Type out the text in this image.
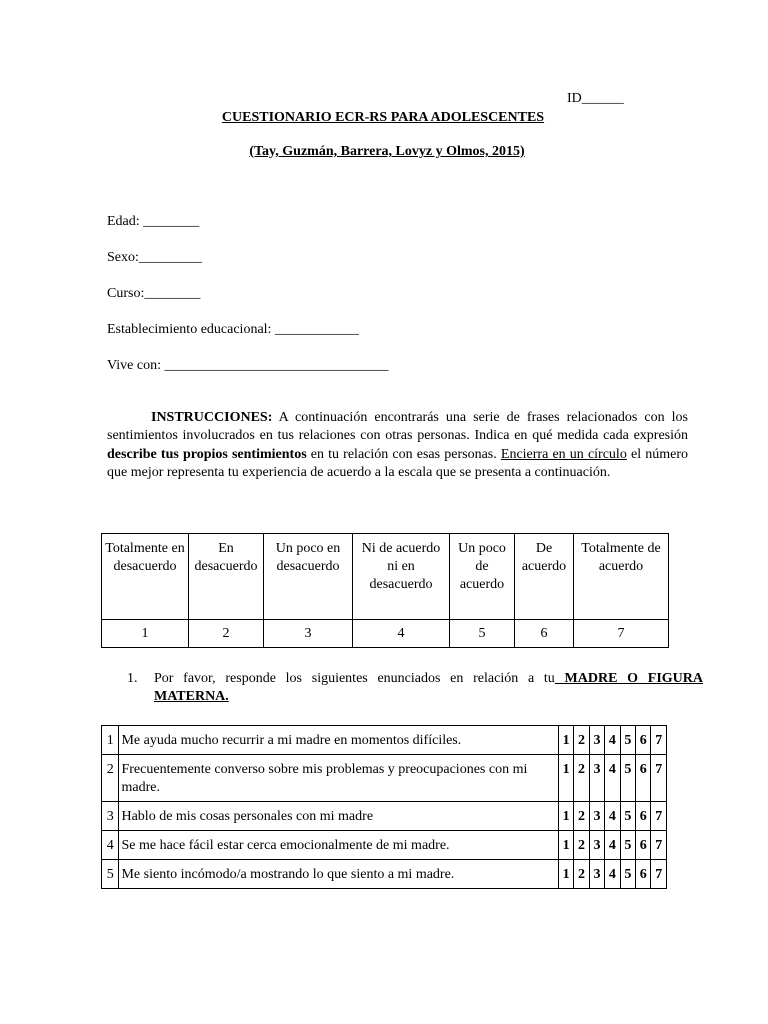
ID______
CUESTIONARIO ECR-RS PARA ADOLESCENTES
(Tay, Guzmán, Barrera, Lovyz y Olmos, 2015)
Edad: ________
Sexo:_________
Curso:________
Establecimiento educacional: ____________
Vive con: ________________________________
INSTRUCCIONES: A continuación encontrarás una serie de frases relacionados con los sentimientos involucrados en tus relaciones con otras personas. Indica en qué medida cada expresión describe tus propios sentimientos en tu relación con esas personas. Encierra en un círculo el número que mejor representa tu experiencia de acuerdo a la escala que se presenta a continuación.
Totalmente en desacuerdo	En desacuerdo	Un poco en desacuerdo	Ni de acuerdo ni en desacuerdo	Un poco de acuerdo	De acuerdo	Totalmente de acuerdo
1	2	3	4	5	6	7
1. Por favor, responde los siguientes enunciados en relación a tu MADRE O FIGURA
MATERNA.
1	Me ayuda mucho recurrir a mi madre en momentos difíciles.	1	2	3	4	5	6	7
2	Frecuentemente converso sobre mis problemas y preocupaciones con mi madre.	1	2	3	4	5	6	7
3	Hablo de mis cosas personales con mi madre	1	2	3	4	5	6	7
4	Se me hace fácil estar cerca emocionalmente de mi madre.	1	2	3	4	5	6	7
5	Me siento incómodo/a mostrando lo que siento a mi madre.	1	2	3	4	5	6	7
